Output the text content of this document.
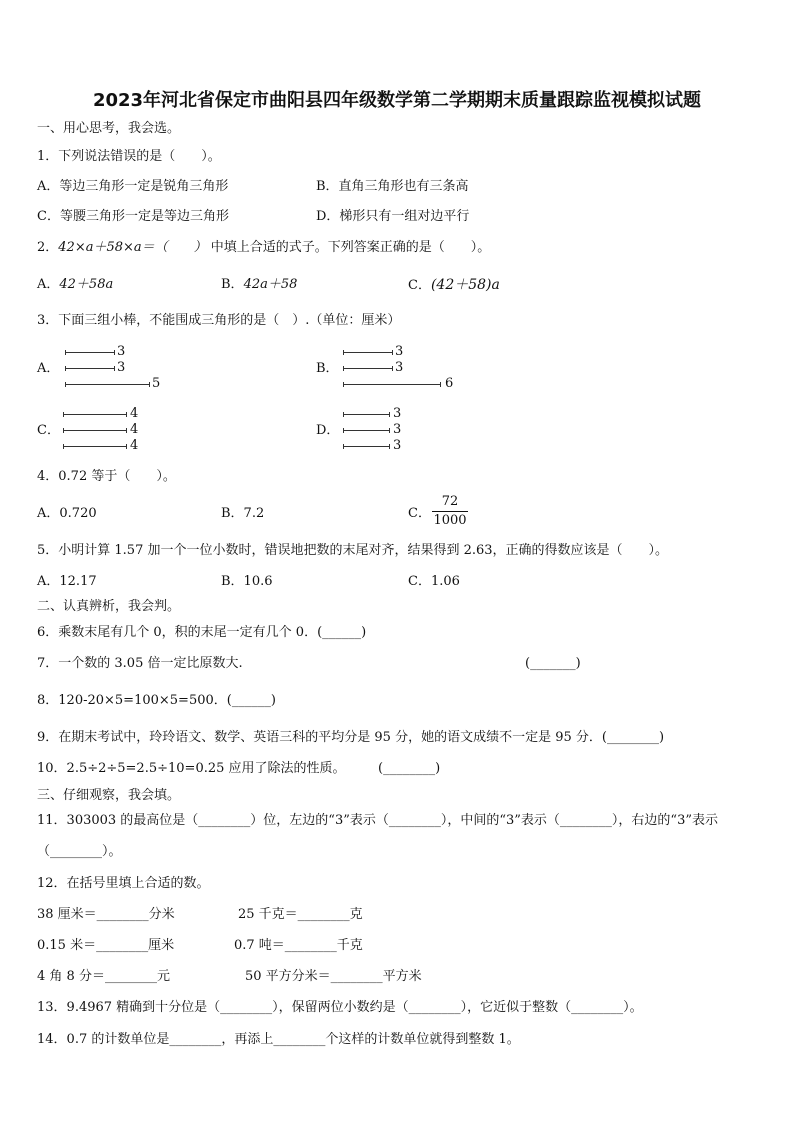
2023年河北省保定市曲阳县四年级数学第二学期期末质量跟踪监视模拟试题
一、用心思考，我会选。
1．下列说法错误的是（　　）。
A．等边三角形一定是锐角三角形	B．直角三角形也有三条高
C．等腰三角形一定是等边三角形	D．梯形只有一组对边平行
2．42×a＋58×a＝（　　） 中填上合适的式子。下列答案正确的是（　　）。
A．42＋58a	B．42a＋58	C．(42＋58)a
3．下面三组小棒，不能围成三角形的是（　）.（单位：厘米）
A．
3
3
5
B．
3
3
6
C．
4
4
4
D．
3
3
3
4．0.72 等于（　　）。
A．0.720	B．7.2	C．
72
1000
5．小明计算 1.57 加一个一位小数时，错误地把数的末尾对齐，结果得到 2.63，正确的得数应该是（　　）。
A．12.17	B．10.6	C．1.06
二、认真辨析，我会判。
6．乘数末尾有几个 0，积的末尾一定有几个 0．(______)
7．一个数的 3.05 倍一定比原数大.	(_______)
8．120-20×5=100×5=500．(______)
9．在期末考试中，玲玲语文、数学、英语三科的平均分是 95 分，她的语文成绩不一定是 95 分．(________)
10．2.5÷2÷5=2.5÷10=0.25 应用了除法的性质。 (________)
三、仔细观察，我会填。
11．303003 的最高位是（________）位，左边的“3”表示（________），中间的“3”表示（________），右边的“3”表示
（________）。
12．在括号里填上合适的数。
38 厘米＝________分米	25 千克＝________克
0.15 米＝________厘米	0.7 吨＝________千克
4 角 8 分＝________元	50 平方分米＝________平方米
13．9.4967 精确到十分位是（________），保留两位小数约是（________），它近似于整数（________）。
14．0.7 的计数单位是________，再添上________个这样的计数单位就得到整数 1。
